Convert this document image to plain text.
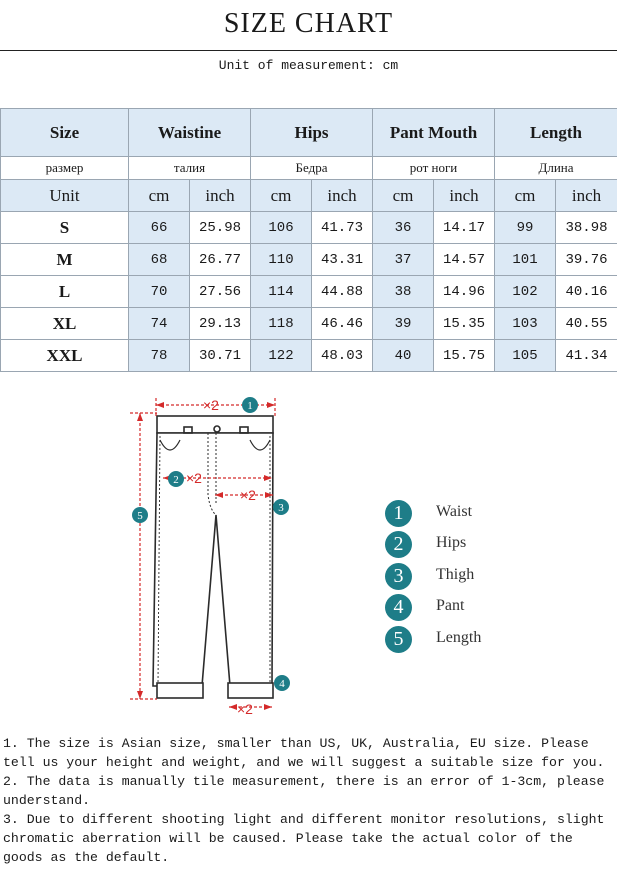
SIZE CHART
Unit of measurement: cm
Size	Waistine		Hips		Pant Mouth		Length	
размер	талия		Бедра		рот ноги		Длина	
Unit	cm	inch	cm	inch	cm	inch	cm	inch
S	66	25.98	106	41.73	36	14.17	99	38.98
M	68	26.77	110	43.31	37	14.57	101	39.76
L	70	27.56	114	44.88	38	14.96	102	40.16
XL	74	29.13	118	46.46	39	15.35	103	40.55
XXL	78	30.71	122	48.03	40	15.75	105	41.34
×2
×2
×2
×2
1
2
3
4
5	1	Waist
2	Hips
3	Thigh
4	Pant
5	Length
1. The size is Asian size, smaller than US, UK, Australia, EU size. Please tell us your height and weight, and we will suggest a suitable size for you.
2. The data is manually tile measurement, there is an error of 1-3cm, please understand.
3. Due to different shooting light and different monitor resolutions, slight chromatic aberration will be caused. Please take the actual color of the goods as the default.
